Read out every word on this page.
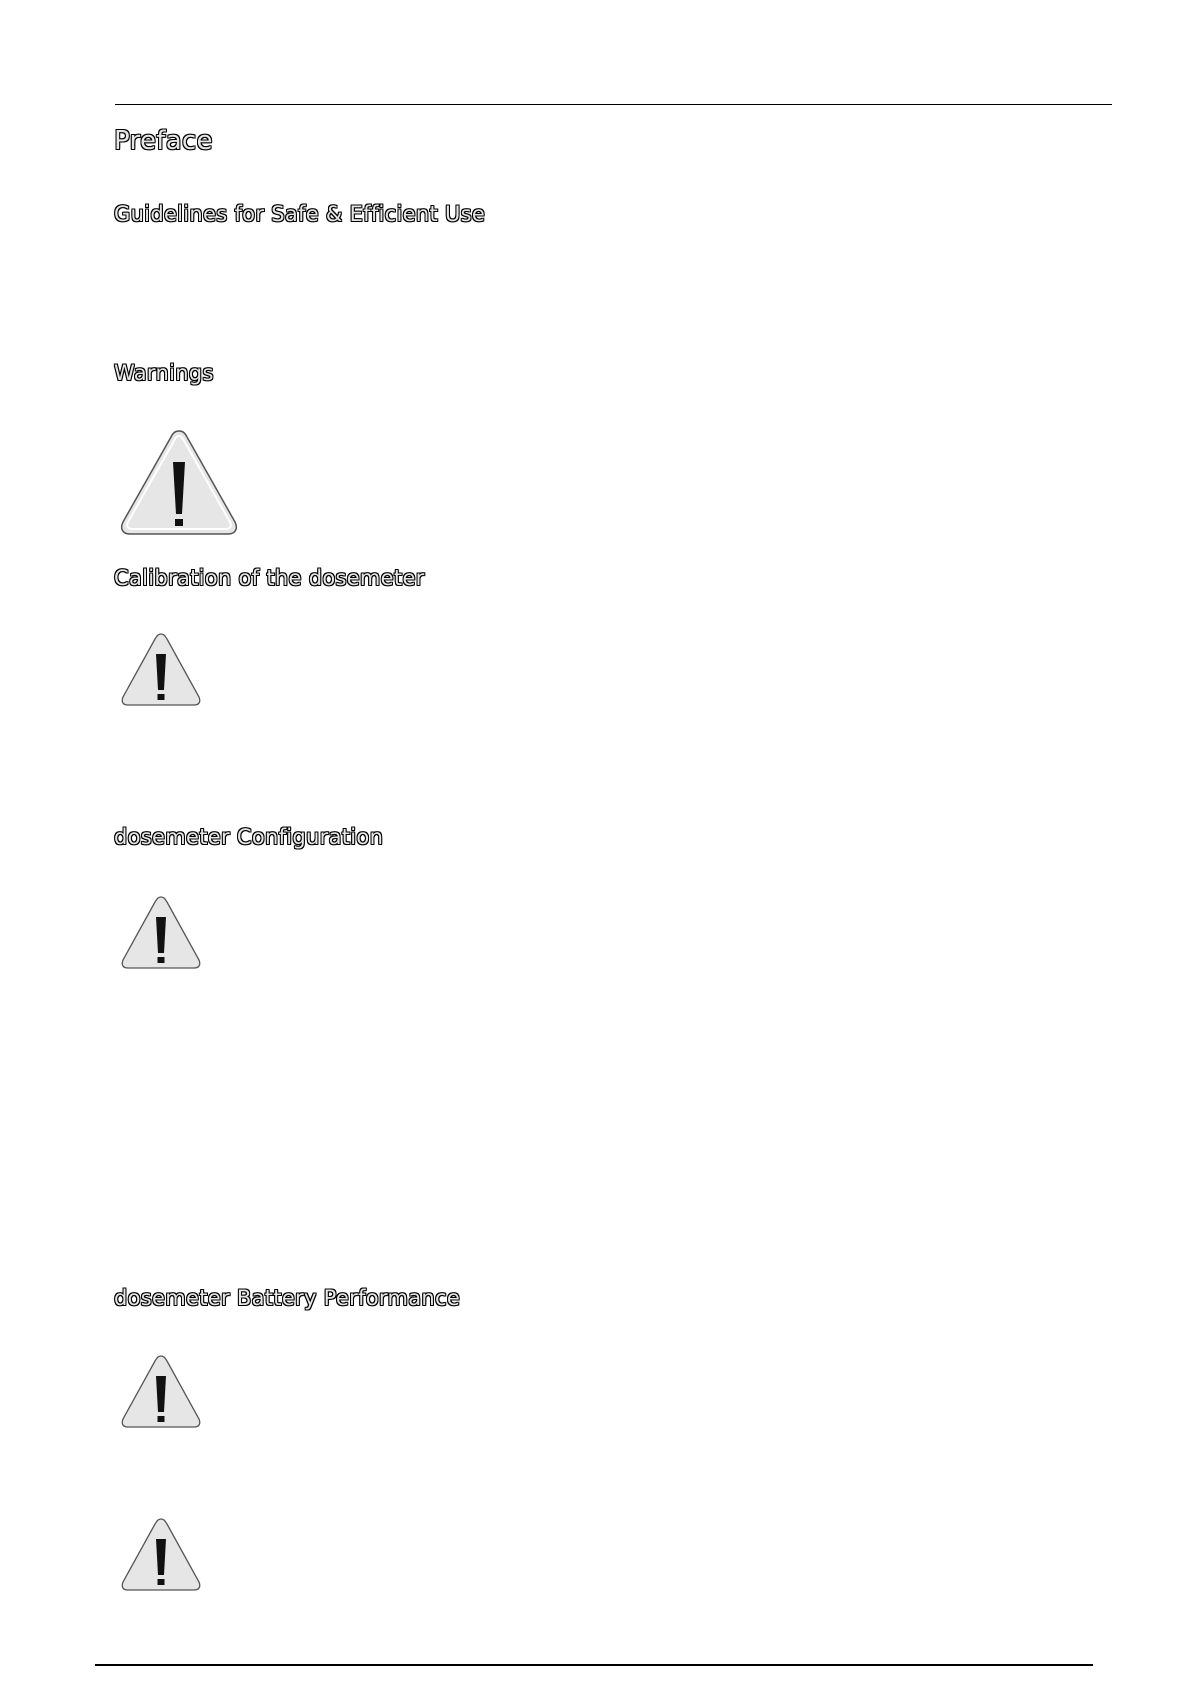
Preface
Guidelines for Safe & Efficient Use
Warnings
Calibration of the dosemeter
dosemeter Configuration
dosemeter Battery Performance
